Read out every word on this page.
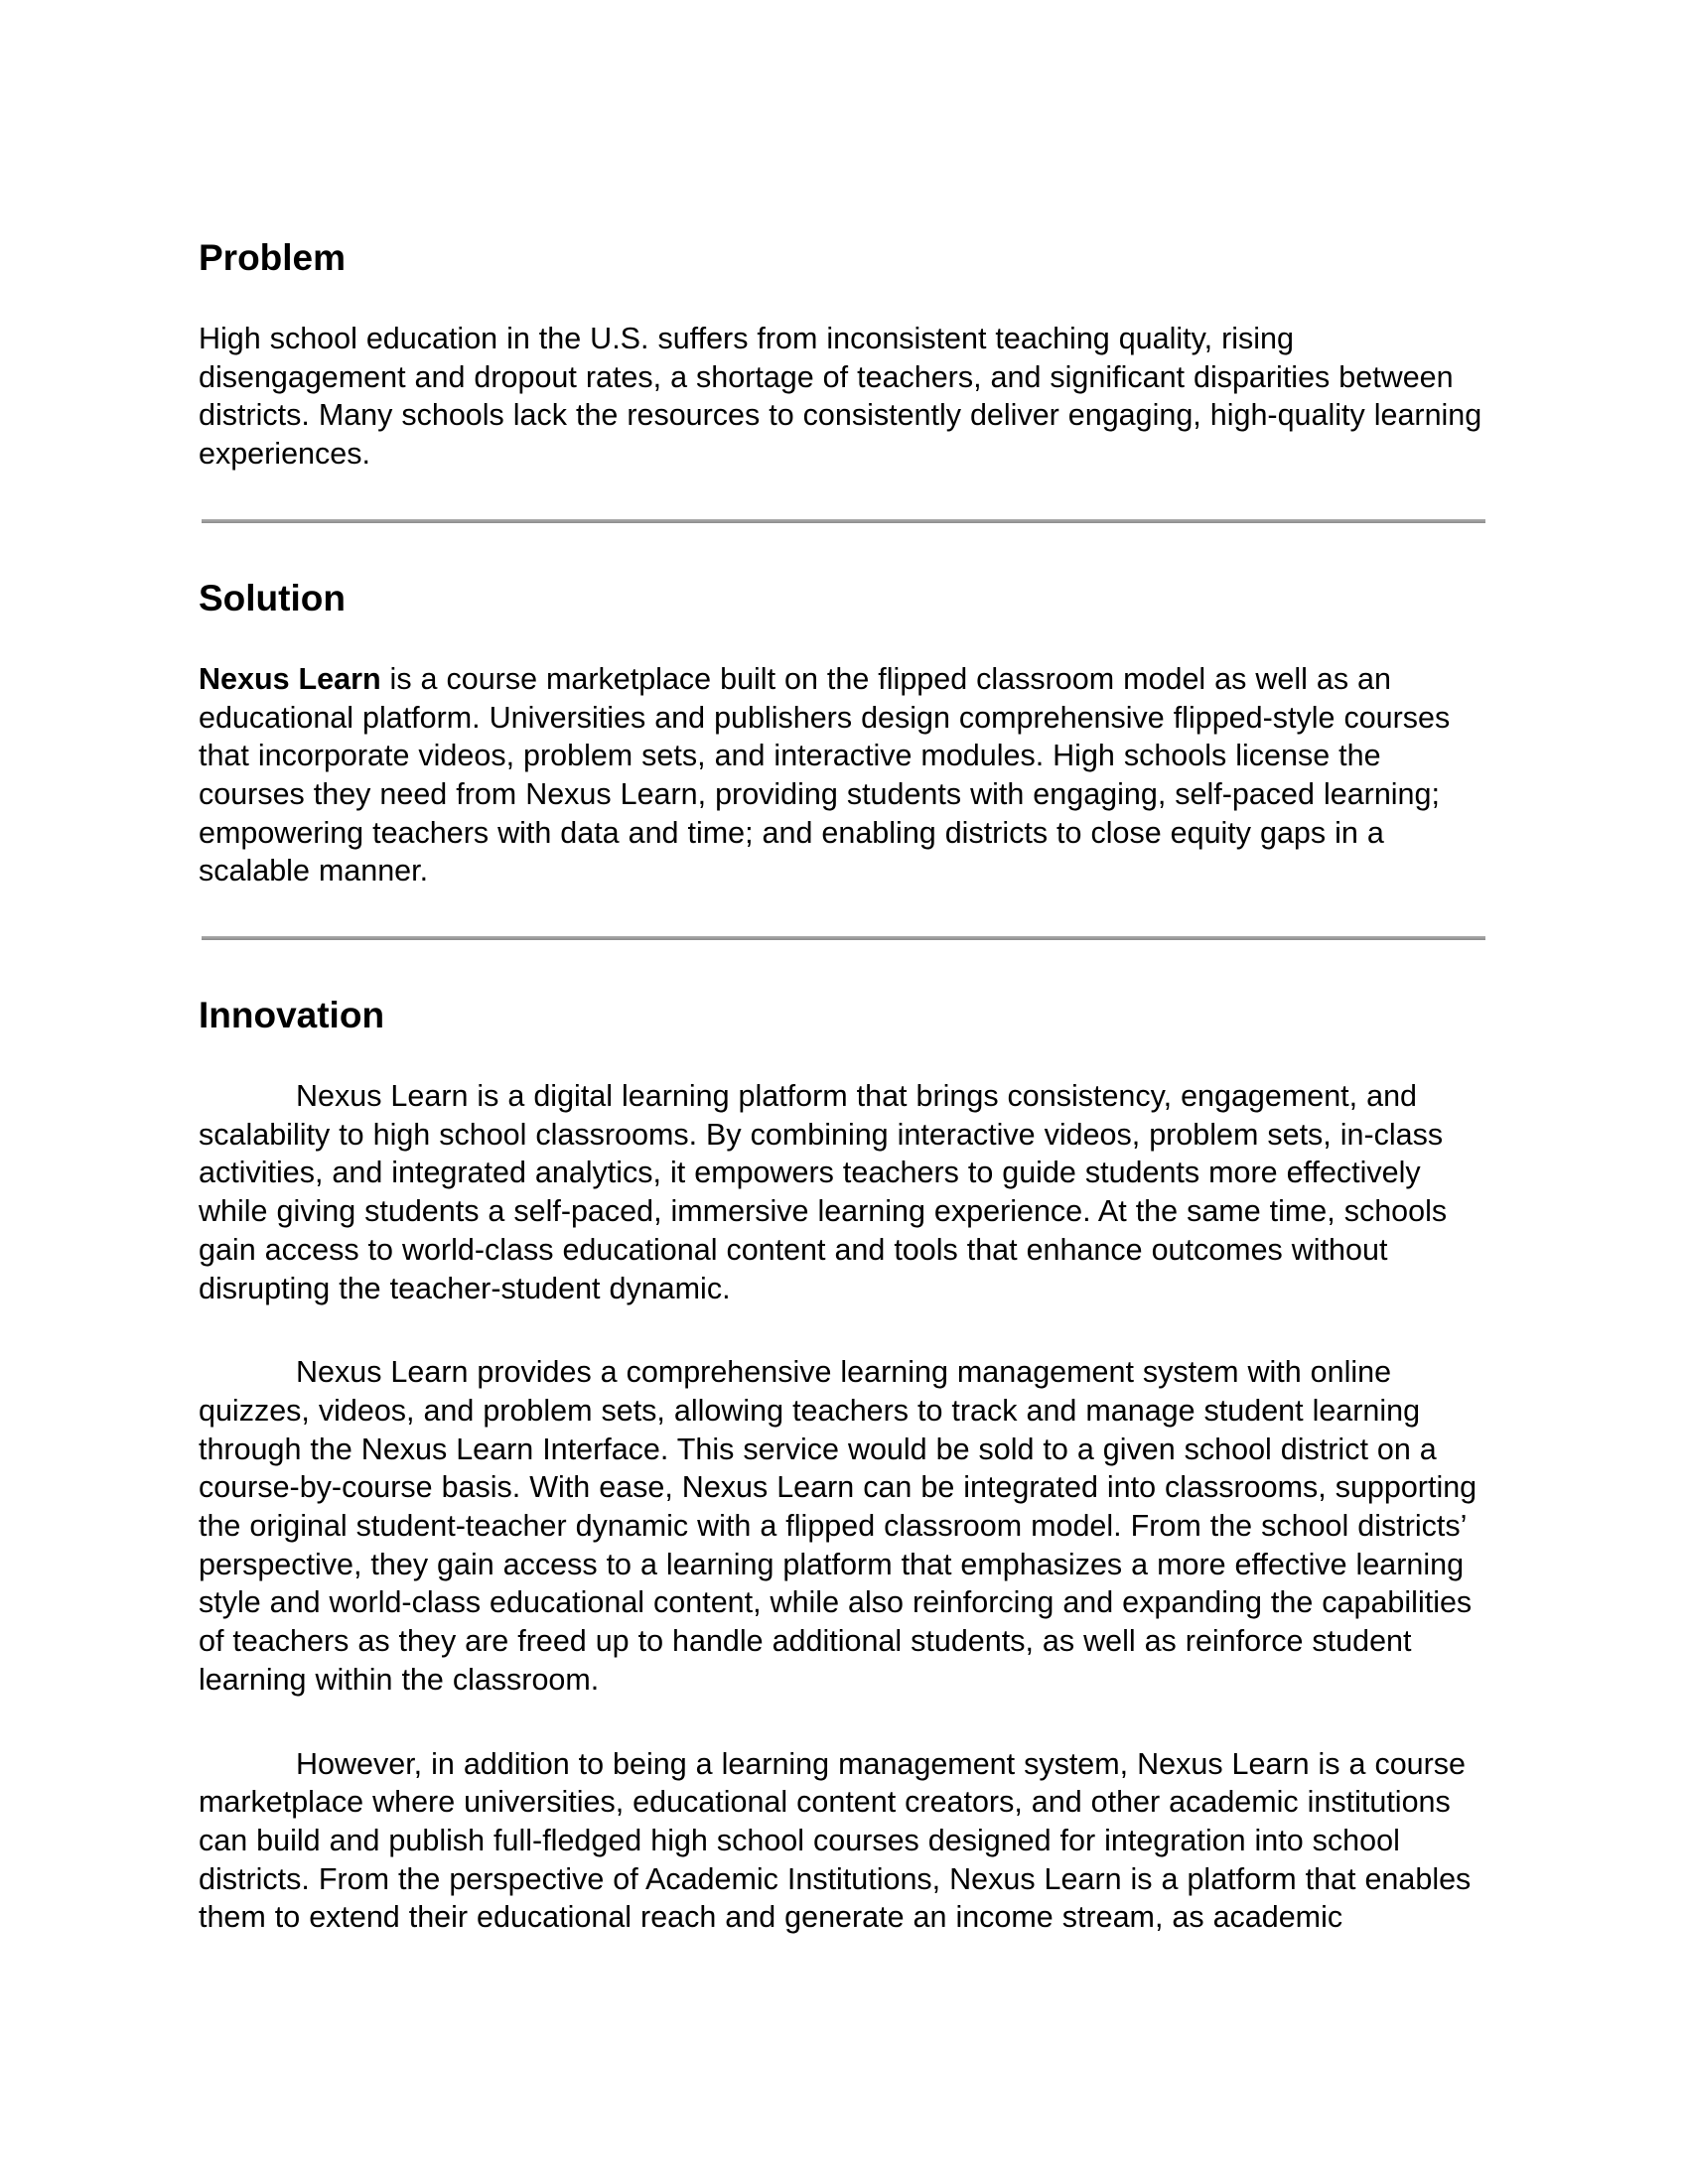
Problem

High school education in the U.S. suffers from inconsistent teaching quality, rising disengagement and dropout rates, a shortage of teachers, and significant disparities between districts. Many schools lack the resources to consistently deliver engaging, high-quality learning experiences.

Solution

Nexus Learn is a course marketplace built on the flipped classroom model as well as an educational platform. Universities and publishers design comprehensive flipped-style courses that incorporate videos, problem sets, and interactive modules. High schools license the courses they need from Nexus Learn, providing students with engaging, self-paced learning; empowering teachers with data and time; and enabling districts to close equity gaps in a scalable manner.

Innovation

Nexus Learn is a digital learning platform that brings consistency, engagement, and scalability to high school classrooms. By combining interactive videos, problem sets, in-class activities, and integrated analytics, it empowers teachers to guide students more effectively while giving students a self-paced, immersive learning experience. At the same time, schools gain access to world-class educational content and tools that enhance outcomes without disrupting the teacher-student dynamic.

Nexus Learn provides a comprehensive learning management system with online quizzes, videos, and problem sets, allowing teachers to track and manage student learning through the Nexus Learn Interface. This service would be sold to a given school district on a course-by-course basis. With ease, Nexus Learn can be integrated into classrooms, supporting the original student-teacher dynamic with a flipped classroom model. From the school districts’ perspective, they gain access to a learning platform that emphasizes a more effective learning style and world-class educational content, while also reinforcing and expanding the capabilities of teachers as they are freed up to handle additional students, as well as reinforce student learning within the classroom.

However, in addition to being a learning management system, Nexus Learn is a course marketplace where universities, educational content creators, and other academic institutions can build and publish full-fledged high school courses designed for integration into school districts. From the perspective of Academic Institutions, Nexus Learn is a platform that enables them to extend their educational reach and generate an income stream, as academic
